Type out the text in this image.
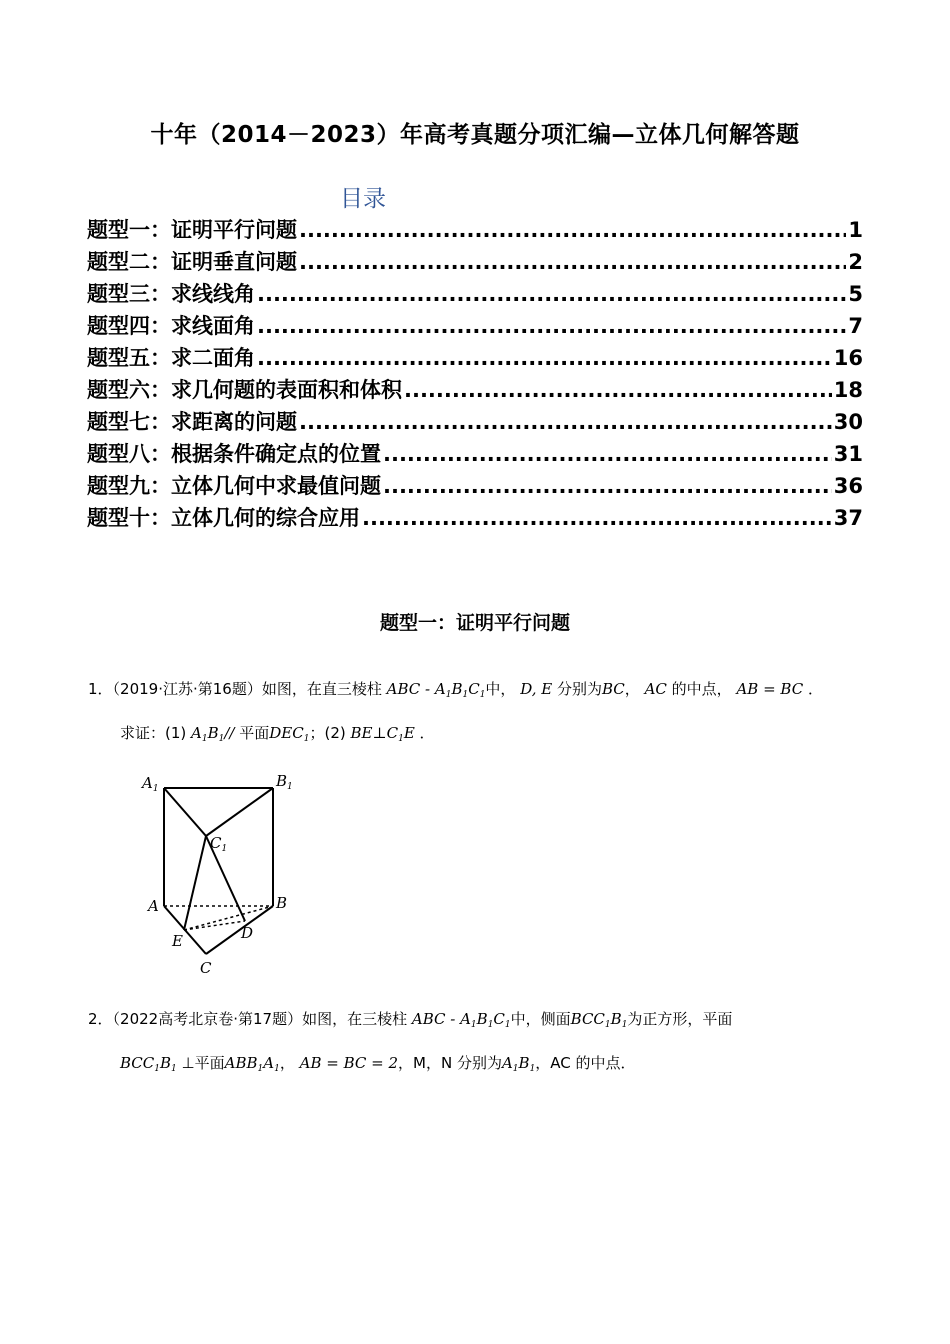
十年（2014－2023）年高考真题分项汇编—立体几何解答题
目录
题型一：证明平行问题 .....	1
题型二：证明垂直问题 .....	2
题型三：求线线角 .....	5
题型四：求线面角 .....	7
题型五：求二面角 .....	16
题型六：求几何题的表面积和体积 .....	18
题型七：求距离的问题 .....	30
题型八：根据条件确定点的位置 .....	31
题型九：立体几何中求最值问题 .....	36
题型十：立体几何的综合应用 .....	37
题型一：证明平行问题
1．（2019·江苏·第16题）如图，在直三棱柱 ABC - $A_1B_1C_1$中， D, E 分别为BC， AC 的中点， AB = BC ．
求证：(1) $A_1B_1//$ 平面$DEC_1$；(2) $BE\perp C_1E$ ．
$A_1$	$B_1$
$C_1$
A	B
C
D
E
2．（2022高考北京卷·第17题）如图，在三棱柱 ABC - $A_1B_1C_1$中，侧面$BCC_1B_1$为正方形，平面
$BCC_1B_1$ ⊥平面$ABB_1A_1$， AB = BC = 2，M，N 分别为$A_1B_1$，AC 的中点．
